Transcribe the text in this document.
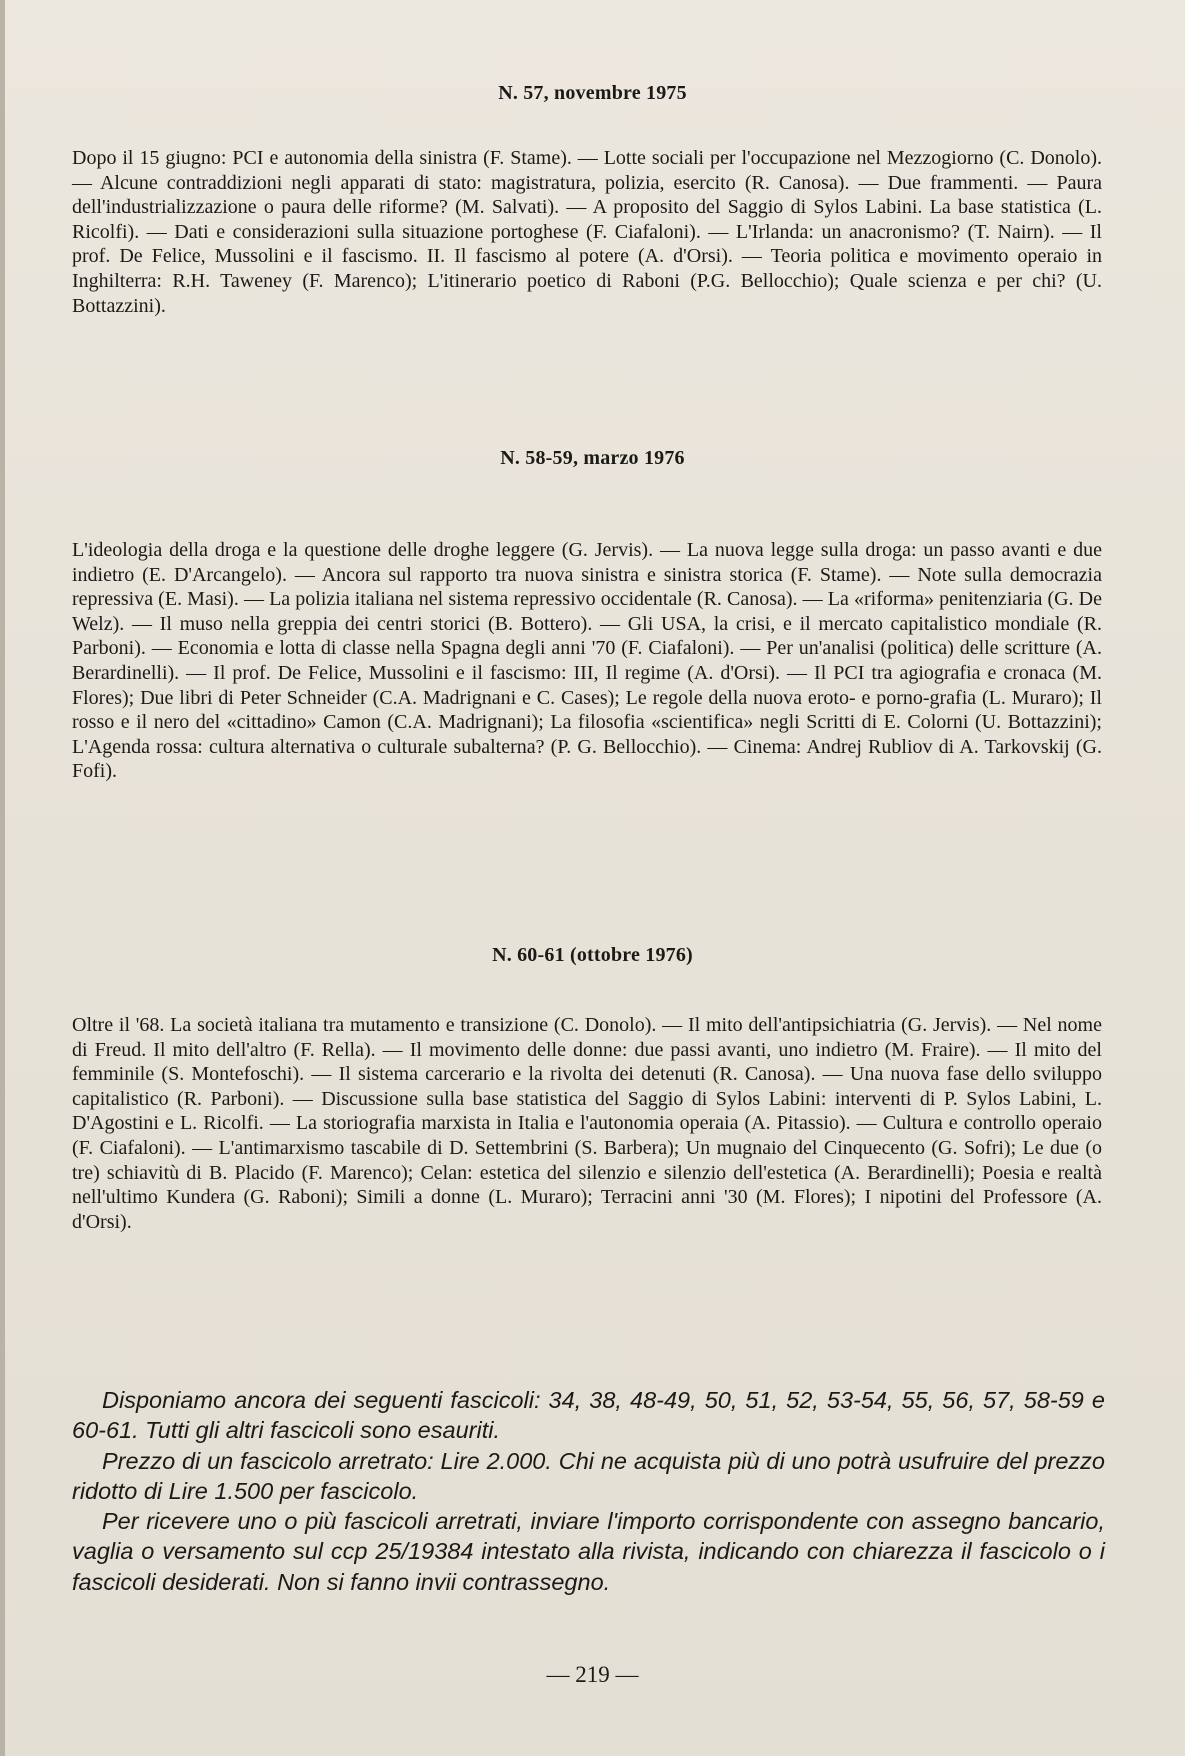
N. 57, novembre 1975
Dopo il 15 giugno: PCI e autonomia della sinistra (F. Stame). — Lotte sociali per l'occupazione nel Mezzogiorno (C. Donolo). — Alcune contraddizioni negli apparati di stato: magistratura, polizia, esercito (R. Canosa). — Due frammenti. — Paura dell'industrializzazione o paura delle riforme? (M. Salvati). — A proposito del Saggio di Sylos Labini. La base statistica (L. Ricolfi). — Dati e considerazioni sulla situazione portoghese (F. Ciafaloni). — L'Irlanda: un anacronismo? (T. Nairn). — Il prof. De Felice, Mussolini e il fascismo. II. Il fascismo al potere (A. d'Orsi). — Teoria politica e movimento operaio in Inghilterra: R.H. Taweney (F. Marenco); L'itinerario poetico di Raboni (P.G. Bellocchio); Quale scienza e per chi? (U. Bottazzini).
N. 58-59, marzo 1976
L'ideologia della droga e la questione delle droghe leggere (G. Jervis). — La nuova legge sulla droga: un passo avanti e due indietro (E. D'Arcangelo). — Ancora sul rapporto tra nuova sinistra e sinistra storica (F. Stame). — Note sulla democrazia repressiva (E. Masi). — La polizia italiana nel sistema repressivo occidentale (R. Canosa). — La «riforma» penitenziaria (G. De Welz). — Il muso nella greppia dei centri storici (B. Bottero). — Gli USA, la crisi, e il mercato capitalistico mondiale (R. Parboni). — Economia e lotta di classe nella Spagna degli anni '70 (F. Ciafaloni). — Per un'analisi (politica) delle scritture (A. Berardinelli). — Il prof. De Felice, Mussolini e il fascismo: III, Il regime (A. d'Orsi). — Il PCI tra agiografia e cronaca (M. Flores); Due libri di Peter Schneider (C.A. Madrignani e C. Cases); Le regole della nuova eroto- e porno-grafia (L. Muraro); Il rosso e il nero del «cittadino» Camon (C.A. Madrignani); La filosofia «scientifica» negli Scritti di E. Colorni (U. Bottazzini); L'Agenda rossa: cultura alternativa o culturale subalterna? (P. G. Bellocchio). — Cinema: Andrej Rubliov di A. Tarkovskij (G. Fofi).
N. 60-61 (ottobre 1976)
Oltre il '68. La società italiana tra mutamento e transizione (C. Donolo). — Il mito dell'antipsichiatria (G. Jervis). — Nel nome di Freud. Il mito dell'altro (F. Rella). — Il movimento delle donne: due passi avanti, uno indietro (M. Fraire). — Il mito del femminile (S. Montefoschi). — Il sistema carcerario e la rivolta dei detenuti (R. Canosa). — Una nuova fase dello sviluppo capitalistico (R. Parboni). — Discussione sulla base statistica del Saggio di Sylos Labini: interventi di P. Sylos Labini, L. D'Agostini e L. Ricolfi. — La storiografia marxista in Italia e l'autonomia operaia (A. Pitassio). — Cultura e controllo operaio (F. Ciafaloni). — L'antimarxismo tascabile di D. Settembrini (S. Barbera); Un mugnaio del Cinquecento (G. Sofri); Le due (o tre) schiavitù di B. Placido (F. Marenco); Celan: estetica del silenzio e silenzio dell'estetica (A. Berardinelli); Poesia e realtà nell'ultimo Kundera (G. Raboni); Simili a donne (L. Muraro); Terracini anni '30 (M. Flores); I nipotini del Professore (A. d'Orsi).

Disponiamo ancora dei seguenti fascicoli: 34, 38, 48-49, 50, 51, 52, 53-54, 55, 56, 57, 58-59 e 60-61. Tutti gli altri fascicoli sono esauriti.

Prezzo di un fascicolo arretrato: Lire 2.000. Chi ne acquista più di uno potrà usufruire del prezzo ridotto di Lire 1.500 per fascicolo.

Per ricevere uno o più fascicoli arretrati, inviare l'importo corrispondente con assegno bancario, vaglia o versamento sul ccp 25/19384 intestato alla rivista, indicando con chiarezza il fascicolo o i fascicoli desiderati. Non si fanno invii contrassegno.

— 219 —
